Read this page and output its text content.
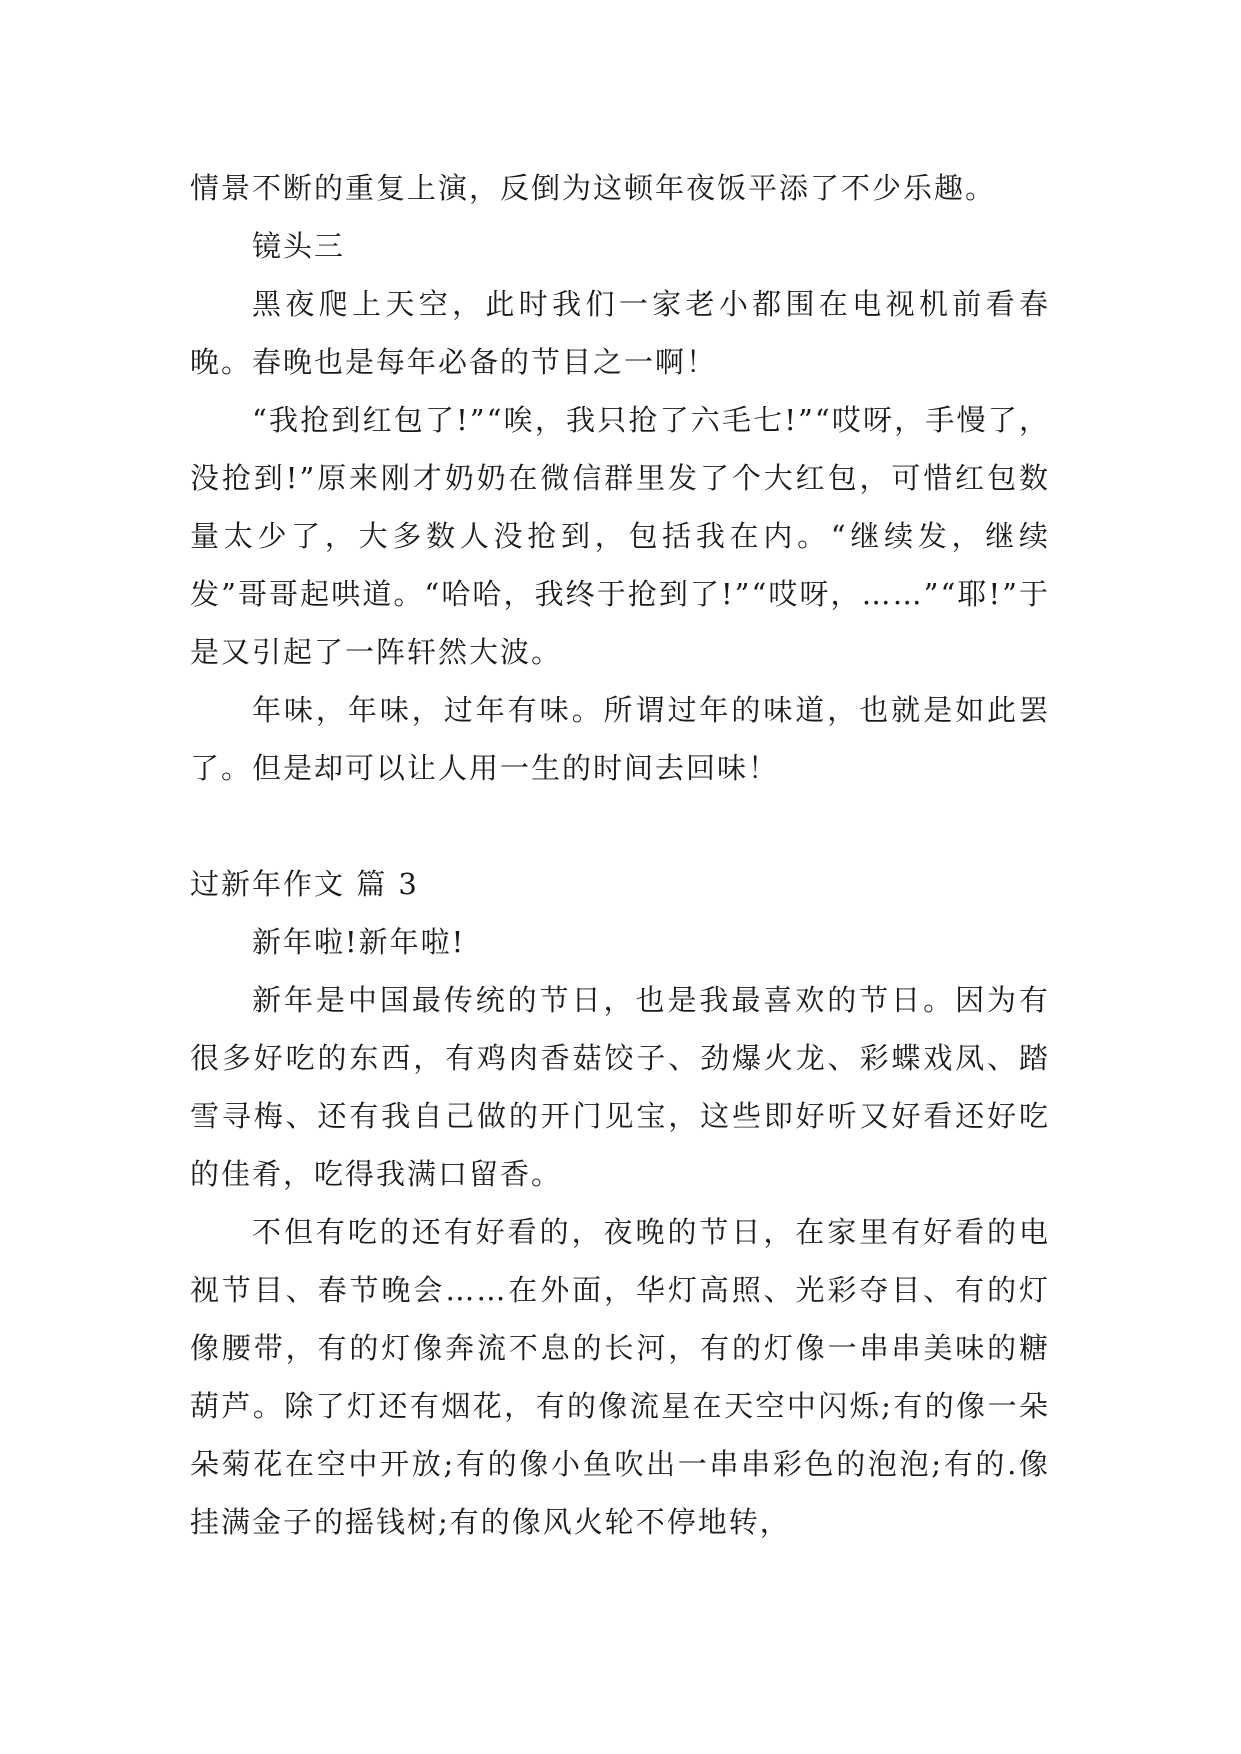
情景不断的重复上演，反倒为这顿年夜饭平添了不少乐趣。

镜头三

黑夜爬上天空，此时我们一家老小都围在电视机前看春晚。春晚也是每年必备的节目之一啊！

“我抢到红包了!”“唉，我只抢了六毛七!”“哎呀，手慢了，没抢到!”原来刚才奶奶在微信群里发了个大红包，可惜红包数量太少了，大多数人没抢到，包括我在内。“继续发，继续发”哥哥起哄道。“哈哈，我终于抢到了!”“哎呀，……”“耶!”于是又引起了一阵轩然大波。

年味，年味，过年有味。所谓过年的味道，也就是如此罢了。但是却可以让人用一生的时间去回味！

过新年作文 篇 3

新年啦!新年啦!

新年是中国最传统的节日，也是我最喜欢的节日。因为有很多好吃的东西，有鸡肉香菇饺子、劲爆火龙、彩蝶戏凤、踏雪寻梅、还有我自己做的开门见宝，这些即好听又好看还好吃的佳肴，吃得我满口留香。

不但有吃的还有好看的，夜晚的节日，在家里有好看的电视节目、春节晚会……在外面，华灯高照、光彩夺目、有的灯像腰带，有的灯像奔流不息的长河，有的灯像一串串美味的糖葫芦。除了灯还有烟花，有的像流星在天空中闪烁;有的像一朵朵菊花在空中开放;有的像小鱼吹出一串串彩色的泡泡;有的.像挂满金子的摇钱树;有的像风火轮不停地转，
